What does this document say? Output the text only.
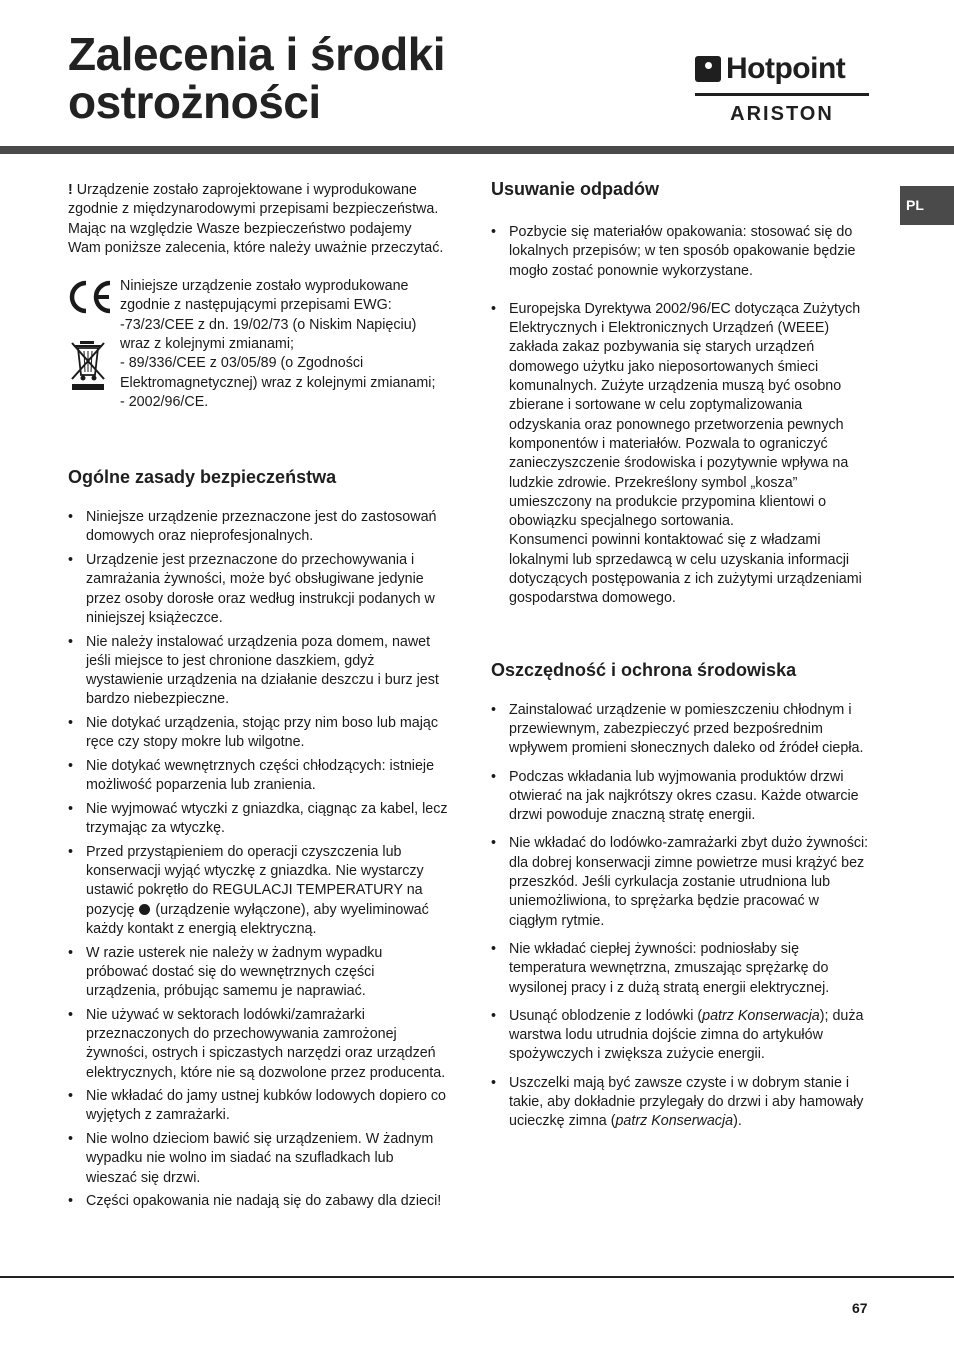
Zalecenia i środki
ostrożności
Hotpoint
ARISTON
PL

! Urządzenie zostało zaprojektowane i wyprodukowane zgodnie z międzynarodowymi przepisami bezpieczeństwa. Mając na względzie Wasze bezpieczeństwo podajemy Wam poniższe zalecenia, które należy uważnie przeczytać.

Niniejsze urządzenie zostało wyprodukowane zgodnie z następującymi przepisami EWG:

-73/23/CEE z dn. 19/02/73 (o Niskim Napięciu) wraz z kolejnymi zmianami;

- 89/336/CEE z 03/05/89 (o Zgodności Elektromagnetycznej) wraz z kolejnymi zmianami;

- 2002/96/CE.

Ogólne zasady bezpieczeństwa
• Niniejsze urządzenie przeznaczone jest do zastosowań domowych oraz nieprofesjonalnych.
• Urządzenie jest przeznaczone do przechowywania i zamrażania żywności, może być obsługiwane jedynie przez osoby dorosłe oraz według instrukcji podanych w niniejszej książeczce.
• Nie należy instalować urządzenia poza domem, nawet jeśli miejsce to jest chronione daszkiem, gdyż wystawienie urządzenia na działanie deszczu i burz jest bardzo niebezpieczne.
• Nie dotykać urządzenia, stojąc przy nim boso lub mając ręce czy stopy mokre lub wilgotne.
• Nie dotykać wewnętrznych części chłodzących: istnieje możliwość poparzenia lub zranienia.
• Nie wyjmować wtyczki z gniazdka, ciągnąc za kabel, lecz trzymając za wtyczkę.
• Przed przystąpieniem do operacji czyszczenia lub konserwacji wyjąć wtyczkę z gniazdka. Nie wystarczy ustawić pokrętło do REGULACJI TEMPERATURY na pozycję  (urządzenie wyłączone), aby wyeliminować każdy kontakt z energią elektryczną.
• W razie usterek nie należy w żadnym wypadku próbować dostać się do wewnętrznych części urządzenia, próbując samemu je naprawiać.
• Nie używać w sektorach lodówki/zamrażarki przeznaczonych do przechowywania zamrożonej żywności, ostrych i spiczastych narzędzi oraz urządzeń elektrycznych, które nie są dozwolone przez producenta.
• Nie wkładać do jamy ustnej kubków lodowych dopiero co wyjętych z zamrażarki.
• Nie wolno dzieciom bawić się urządzeniem. W żadnym wypadku nie wolno im siadać na szufladkach lub wieszać się drzwi.
• Części opakowania nie nadają się do zabawy dla dzieci!
Usuwanie odpadów
• Pozbycie się materiałów opakowania: stosować się do lokalnych przepisów; w ten sposób opakowanie będzie mogło zostać ponownie wykorzystane.
• Europejska Dyrektywa 2002/96/EC dotycząca Zużytych Elektrycznych i Elektronicznych Urządzeń (WEEE) zakłada zakaz pozbywania się starych urządzeń domowego użytku jako nieposortowanych śmieci komunalnych. Zużyte urządzenia muszą być osobno zbierane i sortowane w celu zoptymalizowania odzyskania oraz ponownego przetworzenia pewnych komponentów i materiałów. Pozwala to ograniczyć zanieczyszczenie środowiska i pozytywnie wpływa na ludzkie zdrowie. Przekreślony symbol „kosza” umieszczony na produkcie przypomina klientowi o obowiązku specjalnego sortowania.
Konsumenci powinni kontaktować się z władzami lokalnymi lub sprzedawcą w celu uzyskania informacji dotyczących postępowania z ich zużytymi urządzeniami gospodarstwa domowego.
Oszczędność i ochrona środowiska
• Zainstalować urządzenie w pomieszczeniu chłodnym i przewiewnym, zabezpieczyć przed bezpośrednim wpływem promieni słonecznych daleko od źródeł ciepła.
• Podczas wkładania lub wyjmowania produktów drzwi otwierać na jak najkrótszy okres czasu. Każde otwarcie drzwi powoduje znaczną stratę energii.
• Nie wkładać do lodówko-zamrażarki zbyt dużo żywności: dla dobrej konserwacji zimne powietrze musi krążyć bez przeszkód. Jeśli cyrkulacja zostanie utrudniona lub uniemożliwiona, to sprężarka będzie pracować w ciągłym rytmie.
• Nie wkładać ciepłej żywności: podniosłaby się temperatura wewnętrzna, zmuszając sprężarkę do wysilonej pracy i z dużą stratą energii elektrycznej.
• Usunąć oblodzenie z lodówki (patrz Konserwacja); duża warstwa lodu utrudnia dojście zimna do artykułów spożywczych i zwiększa zużycie energii.
• Uszczelki mają być zawsze czyste i w dobrym stanie i takie, aby dokładnie przylegały do drzwi i aby hamowały ucieczkę zimna (patrz Konserwacja).
67
